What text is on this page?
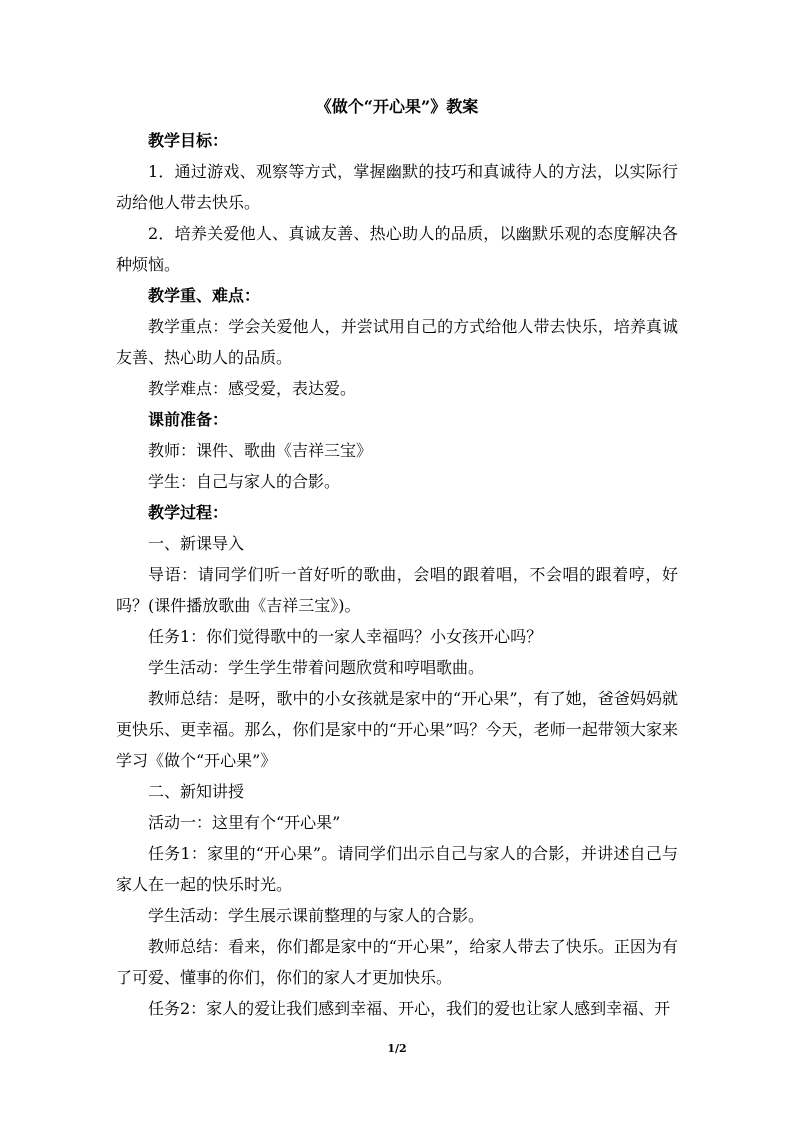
《做个“开心果”》教案

教学目标：

1．通过游戏、观察等方式，掌握幽默的技巧和真诚待人的方法，以实际行动给他人带去快乐。

2．培养关爱他人、真诚友善、热心助人的品质，以幽默乐观的态度解决各种烦恼。

教学重、难点：

教学重点：学会关爱他人，并尝试用自己的方式给他人带去快乐，培养真诚友善、热心助人的品质。

教学难点：感受爱，表达爱。

课前准备：

教师：课件、歌曲《吉祥三宝》

学生：自己与家人的合影。

教学过程：

一、新课导入

导语：请同学们听一首好听的歌曲，会唱的跟着唱，不会唱的跟着哼，好吗？(课件播放歌曲《吉祥三宝》)。

任务1：你们觉得歌中的一家人幸福吗？小女孩开心吗？

学生活动：学生学生带着问题欣赏和哼唱歌曲。

教师总结：是呀，歌中的小女孩就是家中的“开心果”，有了她，爸爸妈妈就更快乐、更幸福。那么，你们是家中的“开心果”吗？今天，老师一起带领大家来学习《做个“开心果”》

二、新知讲授

活动一：这里有个“开心果”

任务1：家里的“开心果”。请同学们出示自己与家人的合影，并讲述自己与家人在一起的快乐时光。

学生活动：学生展示课前整理的与家人的合影。

教师总结：看来，你们都是家中的“开心果”，给家人带去了快乐。正因为有了可爱、懂事的你们，你们的家人才更加快乐。

任务2：家人的爱让我们感到幸福、开心，我们的爱也让家人感到幸福、开

1/2
